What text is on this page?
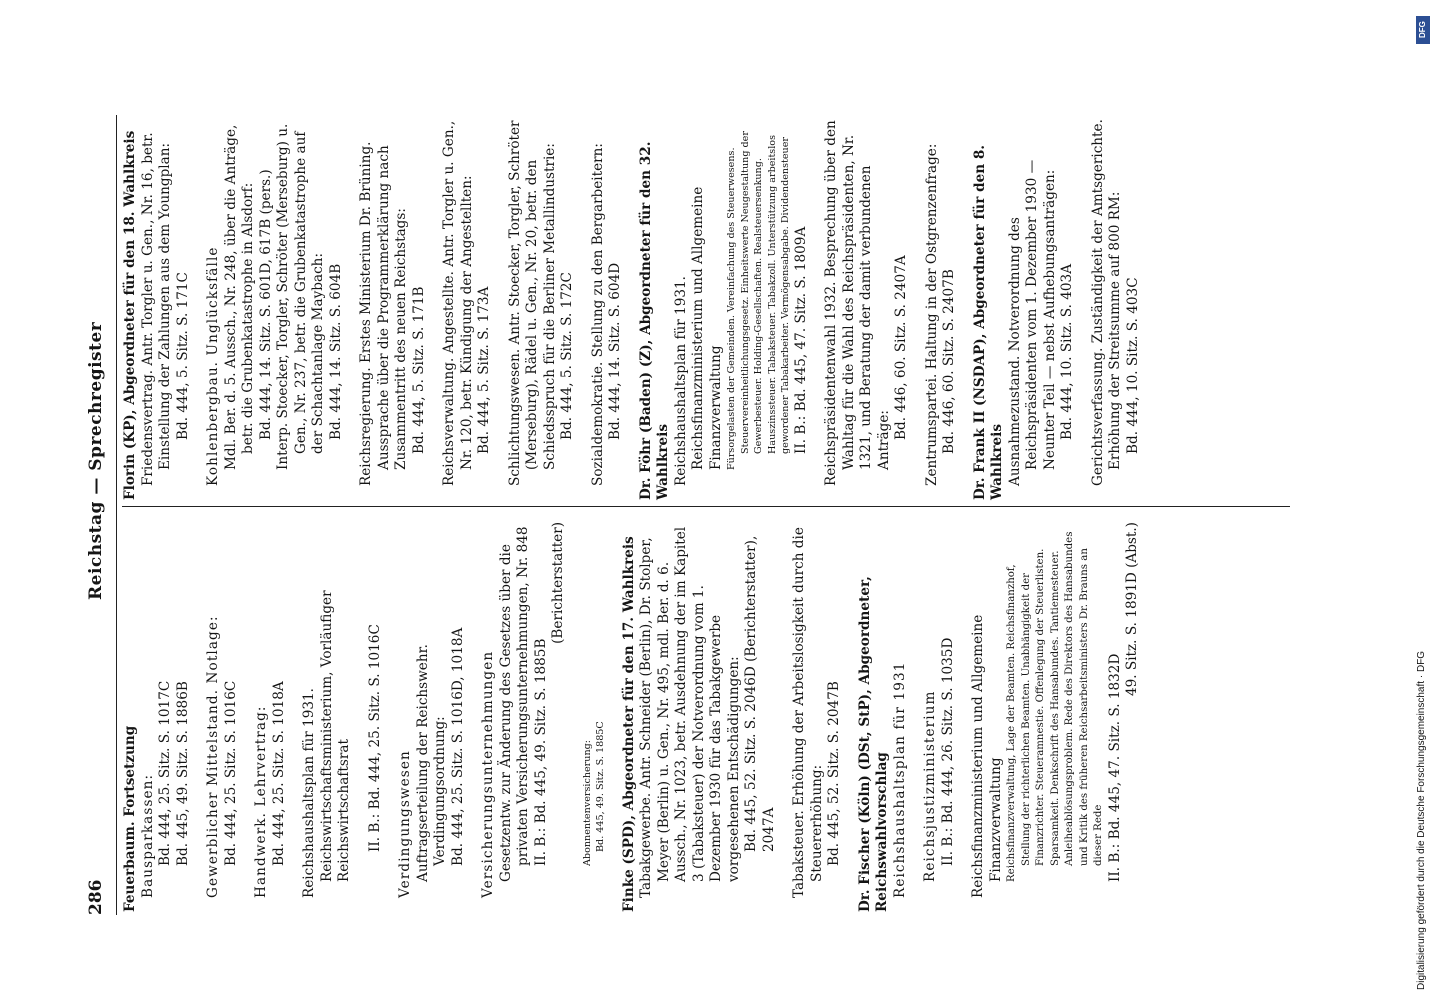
286
Reichstag — Sprechregister

Feuerbaum. Fortsetzung Bausparkassen: Bd. 444, 25. Sitz. S. 1017C Bd. 445, 49. Sitz. S. 1886B Gewerblicher Mittelstand. Notlage: Bd. 444, 25. Sitz. S. 1016C Handwerk. Lehrvertrag: Bd. 444, 25. Sitz. S. 1018A Reichshaushaltsplan für 1931. Reichswirtschaftsministerium, Vorläufiger Reichswirtschaftsrat II. B.: Bd. 444, 25. Sitz. S. 1016C Verdingungswesen Auftragserteilung der Reichswehr. Verdingungsordnung: Bd. 444, 25. Sitz. S. 1016D, 1018A Versicherungsunternehmungen Gesetzentw. zur Änderung des Gesetzes über die privaten Versicherungsunternehmungen, Nr. 848 II. B.: Bd. 445, 49. Sitz. S. 1885B

(Berichterstatter)

Abonnentenversicherung: Bd. 445, 49. Sitz. S. 1885C Finke (SPD), Abgeordneter für den 17. Wahlkreis Tabakgewerbe. Antr. Schneider (Berlin), Dr. Stolper, Meyer (Berlin) u. Gen., Nr. 495, mdl. Ber. d. 6. Aussch., Nr. 1023, betr. Ausdehnung der im Kapitel 3 (Tabaksteuer) der Notverordnung vom 1. Dezember 1930 für das Tabakgewerbe vorgesehenen Entschädigungen: Bd. 445, 52. Sitz. S. 2046D (Berichterstatter), 2047A Tabaksteuer. Erhöhung der Arbeitslosigkeit durch die Steuererhöhung: Bd. 445, 52. Sitz. S. 2047B Dr. Fischer (Köln) (DSt, StP), Abgeordneter, Reichswahlvorschlag Reichshaushaltsplan für 1931 Reichsjustizministerium II. B.: Bd. 444, 26. Sitz. S. 1035D Reichsfinanzministerium und Allgemeine Finanzverwaltung Reichsfinanzverwaltung, Lage der Beamten. Reichsfinanzhof, Stellung der richterlichen Beamten. Unabhängigkeit der Finanzrichter. Steueramnestie. Offenlegung der Steuerlisten. Sparsamkeit. Denkschrift des Hansabundes. Tantiemesteuer. Anleiheablösungsproblem. Rede des Direktors des Hansabundes und Kritik des früheren Reichsarbeitsministers Dr. Brauns an dieser Rede II. B.: Bd. 445, 47. Sitz. S. 1832D

49. Sitz. S. 1891D (Abst.)

Florin (KP), Abgeordneter für den 18. Wahlkreis Friedensvertrag. Antr. Torgler u. Gen., Nr. 16, betr. Einstellung der Zahlungen aus dem Youngplan: Bd. 444, 5. Sitz. S. 171C Kohlenbergbau. Unglücksfälle Mdl. Ber. d. 5. Aussch., Nr. 248, über die Anträge, betr. die Grubenkatastrophe in Alsdorf: Bd. 444, 14. Sitz. S. 601D, 617B (pers.) Interp. Stoecker, Torgler, Schröter (Merseburg) u. Gen., Nr. 237, betr. die Grubenkatastrophe auf der Schachtanlage Maybach: Bd. 444, 14. Sitz. S. 604B Reichsregierung. Erstes Ministerium Dr. Brüning. Aussprache über die Programmerklärung nach Zusammentritt des neuen Reichstags: Bd. 444, 5. Sitz. S. 171B Reichsverwaltung. Angestellte. Antr. Torgler u. Gen., Nr. 120, betr. Kündigung der Angestellten: Bd. 444, 5. Sitz. S. 173A Schlichtungswesen. Antr. Stoecker, Torgler, Schröter (Merseburg), Rädel u. Gen., Nr. 20, betr. den Schiedsspruch für die Berliner Metallindustrie: Bd. 444, 5. Sitz. S. 172C Sozialdemokratie. Stellung zu den Bergarbeitern: Bd. 444, 14. Sitz. S. 604D Dr. Föhr (Baden) (Z), Abgeordneter für den 32. Wahlkreis Reichshaushaltsplan für 1931. Reichsfinanzministerium und Allgemeine Finanzverwaltung Fürsorgelasten der Gemeinden. Vereinfachung des Steuerwesens. Steuervereinheitlichungsgesetz. Einheitswerte Neugestaltung der Gewerbesteuer. Holding-Gesellschaften. Realsteuersenkung. Hauszinssteuer. Tabaksteuer. Tabakzoll. Unterstützung arbeitslos gewordener Tabakarbeiter. Vermögensabgabe. Dividendensteuer II. B.: Bd. 445, 47. Sitz. S. 1809A Reichspräsidentenwahl 1932. Besprechung über den Wahltag für die Wahl des Reichspräsidenten, Nr. 1321, und Beratung der damit verbundenen Anträge:

Bd. 446, 60. Sitz. S. 2407A Zentrumspartei. Haltung in der Ostgrenzenfrage: Bd. 446, 60. Sitz. S. 2407B Dr. Frank II (NSDAP), Abgeordneter für den 8. Wahlkreis Ausnahmezustand. Notverordnung des Reichspräsidenten vom 1. Dezember 1930 — Neunter Teil — nebst Aufhebungsanträgen: Bd. 444, 10. Sitz. S. 403A Gerichtsverfassung. Zuständigkeit der Amtsgerichte. Erhöhung der Streitsumme auf 800 RM: Bd. 444, 10. Sitz. S. 403C

DFG
Digitalisierung gefördert durch die Deutsche Forschungsgemeinschaft · DFG
